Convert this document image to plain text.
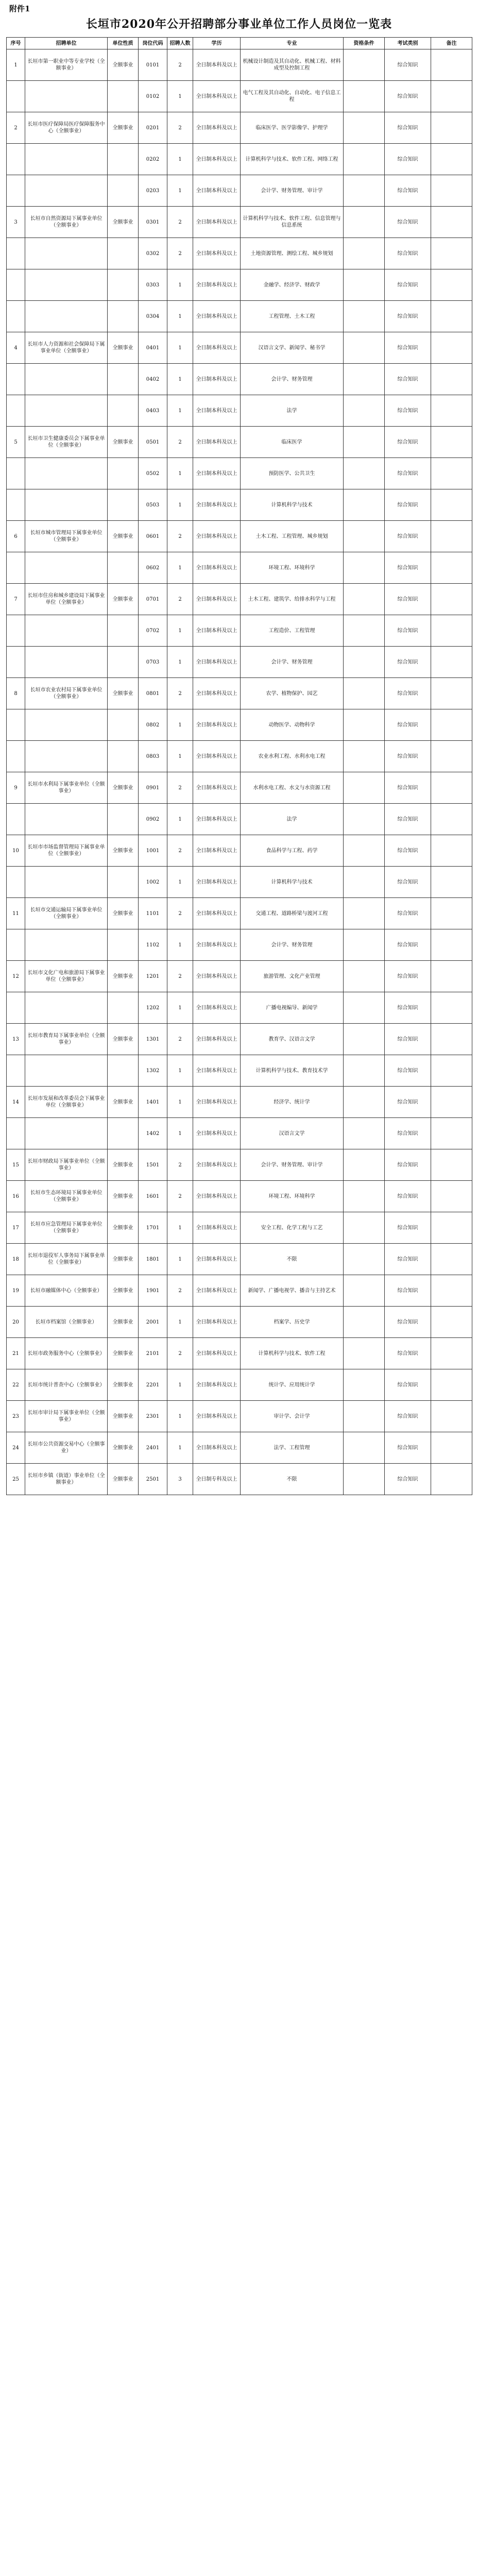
附件1

长垣市2020年公开招聘部分事业单位工作人员岗位一览表
序号	招聘单位	单位性质	岗位代码	招聘人数	学历	专业	资格条件	考试类别	备注
1	长垣市第一职业中等专业学校（全额事业）	全额事业	0101	2	全日制本科及以上	机械设计制造及其自动化、机械工程、材料成型及控制工程		综合知识	
			0102	1	全日制本科及以上	电气工程及其自动化、自动化、电子信息工程		综合知识	
2	长垣市医疗保障局医疗保障服务中心（全额事业）	全额事业	0201	2	全日制本科及以上	临床医学、医学影像学、护理学		综合知识	
			0202	1	全日制本科及以上	计算机科学与技术、软件工程、网络工程		综合知识	
			0203	1	全日制本科及以上	会计学、财务管理、审计学		综合知识	
3	长垣市自然资源局下属事业单位（全额事业）	全额事业	0301	2	全日制本科及以上	计算机科学与技术、软件工程、信息管理与信息系统		综合知识	
			0302	2	全日制本科及以上	土地资源管理、测绘工程、城乡规划		综合知识	
			0303	1	全日制本科及以上	金融学、经济学、财政学		综合知识	
			0304	1	全日制本科及以上	工程管理、土木工程		综合知识	
4	长垣市人力资源和社会保障局下属事业单位（全额事业）	全额事业	0401	1	全日制本科及以上	汉语言文学、新闻学、秘书学		综合知识	
			0402	1	全日制本科及以上	会计学、财务管理		综合知识	
			0403	1	全日制本科及以上	法学		综合知识	
5	长垣市卫生健康委员会下属事业单位（全额事业）	全额事业	0501	2	全日制本科及以上	临床医学		综合知识	
			0502	1	全日制本科及以上	预防医学、公共卫生		综合知识	
			0503	1	全日制本科及以上	计算机科学与技术		综合知识	
6	长垣市城市管理局下属事业单位（全额事业）	全额事业	0601	2	全日制本科及以上	土木工程、工程管理、城乡规划		综合知识	
			0602	1	全日制本科及以上	环境工程、环境科学		综合知识	
7	长垣市住房和城乡建设局下属事业单位（全额事业）	全额事业	0701	2	全日制本科及以上	土木工程、建筑学、给排水科学与工程		综合知识	
			0702	1	全日制本科及以上	工程造价、工程管理		综合知识	
			0703	1	全日制本科及以上	会计学、财务管理		综合知识	
8	长垣市农业农村局下属事业单位（全额事业）	全额事业	0801	2	全日制本科及以上	农学、植物保护、园艺		综合知识	
			0802	1	全日制本科及以上	动物医学、动物科学		综合知识	
			0803	1	全日制本科及以上	农业水利工程、水利水电工程		综合知识	
9	长垣市水利局下属事业单位（全额事业）	全额事业	0901	2	全日制本科及以上	水利水电工程、水文与水资源工程		综合知识	
			0902	1	全日制本科及以上	法学		综合知识	
10	长垣市市场监督管理局下属事业单位（全额事业）	全额事业	1001	2	全日制本科及以上	食品科学与工程、药学		综合知识	
			1002	1	全日制本科及以上	计算机科学与技术		综合知识	
11	长垣市交通运输局下属事业单位（全额事业）	全额事业	1101	2	全日制本科及以上	交通工程、道路桥梁与渡河工程		综合知识	
			1102	1	全日制本科及以上	会计学、财务管理		综合知识	
12	长垣市文化广电和旅游局下属事业单位（全额事业）	全额事业	1201	2	全日制本科及以上	旅游管理、文化产业管理		综合知识	
			1202	1	全日制本科及以上	广播电视编导、新闻学		综合知识	
13	长垣市教育局下属事业单位（全额事业）	全额事业	1301	2	全日制本科及以上	教育学、汉语言文学		综合知识	
			1302	1	全日制本科及以上	计算机科学与技术、教育技术学		综合知识	
14	长垣市发展和改革委员会下属事业单位（全额事业）	全额事业	1401	1	全日制本科及以上	经济学、统计学		综合知识	
			1402	1	全日制本科及以上	汉语言文学		综合知识	
15	长垣市财政局下属事业单位（全额事业）	全额事业	1501	2	全日制本科及以上	会计学、财务管理、审计学		综合知识	
16	长垣市生态环境局下属事业单位（全额事业）	全额事业	1601	2	全日制本科及以上	环境工程、环境科学		综合知识	
17	长垣市应急管理局下属事业单位（全额事业）	全额事业	1701	1	全日制本科及以上	安全工程、化学工程与工艺		综合知识	
18	长垣市退役军人事务局下属事业单位（全额事业）	全额事业	1801	1	全日制本科及以上	不限		综合知识	
19	长垣市融媒体中心（全额事业）	全额事业	1901	2	全日制本科及以上	新闻学、广播电视学、播音与主持艺术		综合知识	
20	长垣市档案馆（全额事业）	全额事业	2001	1	全日制本科及以上	档案学、历史学		综合知识	
21	长垣市政务服务中心（全额事业）	全额事业	2101	2	全日制本科及以上	计算机科学与技术、软件工程		综合知识	
22	长垣市统计普查中心（全额事业）	全额事业	2201	1	全日制本科及以上	统计学、应用统计学		综合知识	
23	长垣市审计局下属事业单位（全额事业）	全额事业	2301	1	全日制本科及以上	审计学、会计学		综合知识	
24	长垣市公共资源交易中心（全额事业）	全额事业	2401	1	全日制本科及以上	法学、工程管理		综合知识	
25	长垣市乡镇（街道）事业单位（全额事业）	全额事业	2501	3	全日制专科及以上	不限		综合知识	
